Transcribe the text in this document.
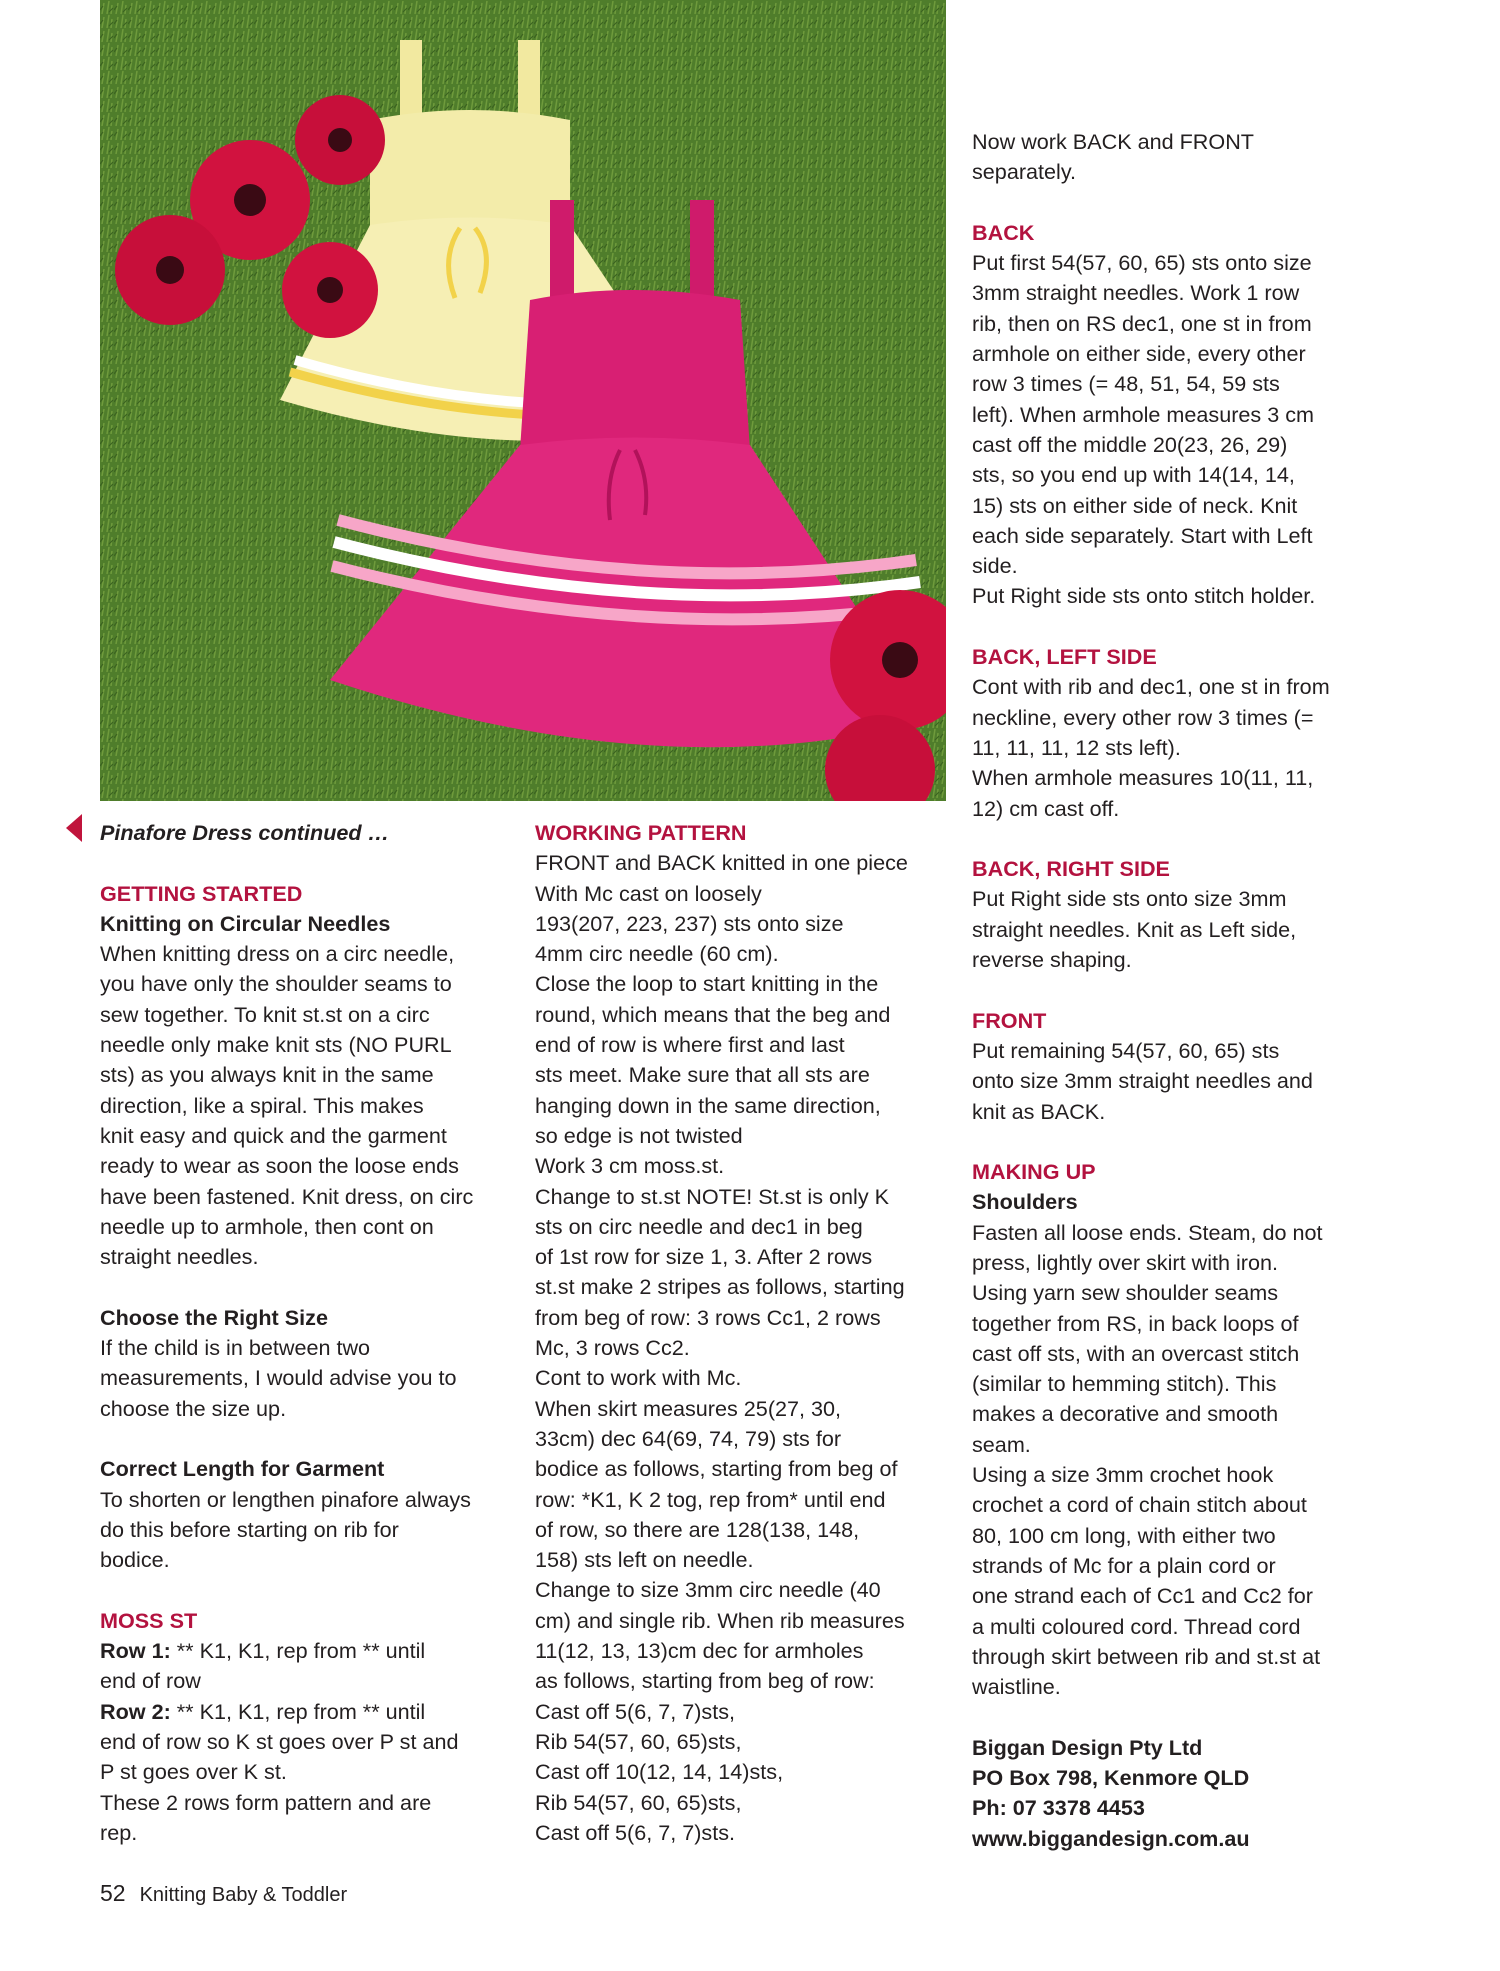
Pinafore Dress continued …

GETTING STARTED

Knitting on Circular Needles

When knitting dress on a circ needle,

you have only the shoulder seams to

sew together. To knit st.st on a circ

needle only make knit sts (NO PURL

sts) as you always knit in the same

direction, like a spiral. This makes

knit easy and quick and the garment

ready to wear as soon the loose ends

have been fastened. Knit dress, on circ

needle up to armhole, then cont on

straight needles.

Choose the Right Size

If the child is in between two

measurements, I would advise you to

choose the size up.

Correct Length for Garment

To shorten or lengthen pinafore always

do this before starting on rib for

bodice.

MOSS ST

Row 1: ** K1, K1, rep from ** until

end of row

Row 2: ** K1, K1, rep from ** until

end of row so K st goes over P st and

P st goes over K st.

These 2 rows form pattern and are

rep.

WORKING PATTERN

FRONT and BACK knitted in one piece

With Mc cast on loosely

193(207, 223, 237) sts onto size

4mm circ needle (60 cm).

Close the loop to start knitting in the

round, which means that the beg and

end of row is where first and last

sts meet. Make sure that all sts are

hanging down in the same direction,

so edge is not twisted

Work 3 cm moss.st.

Change to st.st NOTE! St.st is only K

sts on circ needle and dec1 in beg

of 1st row for size 1, 3. After 2 rows

st.st make 2 stripes as follows, starting

from beg of row: 3 rows Cc1, 2 rows

Mc, 3 rows Cc2.

Cont to work with Mc.

When skirt measures 25(27, 30,

33cm) dec 64(69, 74, 79) sts for

bodice as follows, starting from beg of

row: *K1, K 2 tog, rep from* until end

of row, so there are 128(138, 148,

158) sts left on needle.

Change to size 3mm circ needle (40

cm) and single rib. When rib measures

11(12, 13, 13)cm dec for armholes

as follows, starting from beg of row:

Cast off 5(6, 7, 7)sts,

Rib 54(57, 60, 65)sts,

Cast off 10(12, 14, 14)sts,

Rib 54(57, 60, 65)sts,

Cast off 5(6, 7, 7)sts.

Now work BACK and FRONT

separately.

BACK

Put first 54(57, 60, 65) sts onto size

3mm straight needles. Work 1 row

rib, then on RS dec1, one st in from

armhole on either side, every other

row 3 times (= 48, 51, 54, 59 sts

left). When armhole measures 3 cm

cast off the middle 20(23, 26, 29)

sts, so you end up with 14(14, 14,

15) sts on either side of neck. Knit

each side separately. Start with Left

side.

Put Right side sts onto stitch holder.

BACK, LEFT SIDE

Cont with rib and dec1, one st in from

neckline, every other row 3 times (=

11, 11, 11, 12 sts left).

When armhole measures 10(11, 11,

12) cm cast off.

BACK, RIGHT SIDE

Put Right side sts onto size 3mm

straight needles. Knit as Left side,

reverse shaping.

FRONT

Put remaining 54(57, 60, 65) sts

onto size 3mm straight needles and

knit as BACK.

MAKING UP

Shoulders

Fasten all loose ends. Steam, do not

press, lightly over skirt with iron.

Using yarn sew shoulder seams

together from RS, in back loops of

cast off sts, with an overcast stitch

(similar to hemming stitch). This

makes a decorative and smooth

seam.

Using a size 3mm crochet hook

crochet a cord of chain stitch about

80, 100 cm long, with either two

strands of Mc for a plain cord or

one strand each of Cc1 and Cc2 for

a multi coloured cord. Thread cord

through skirt between rib and st.st at

waistline.

Biggan Design Pty Ltd

PO Box 798, Kenmore QLD

Ph: 07 3378 4453

www.biggandesign.com.au

52 Knitting Baby & Toddler
